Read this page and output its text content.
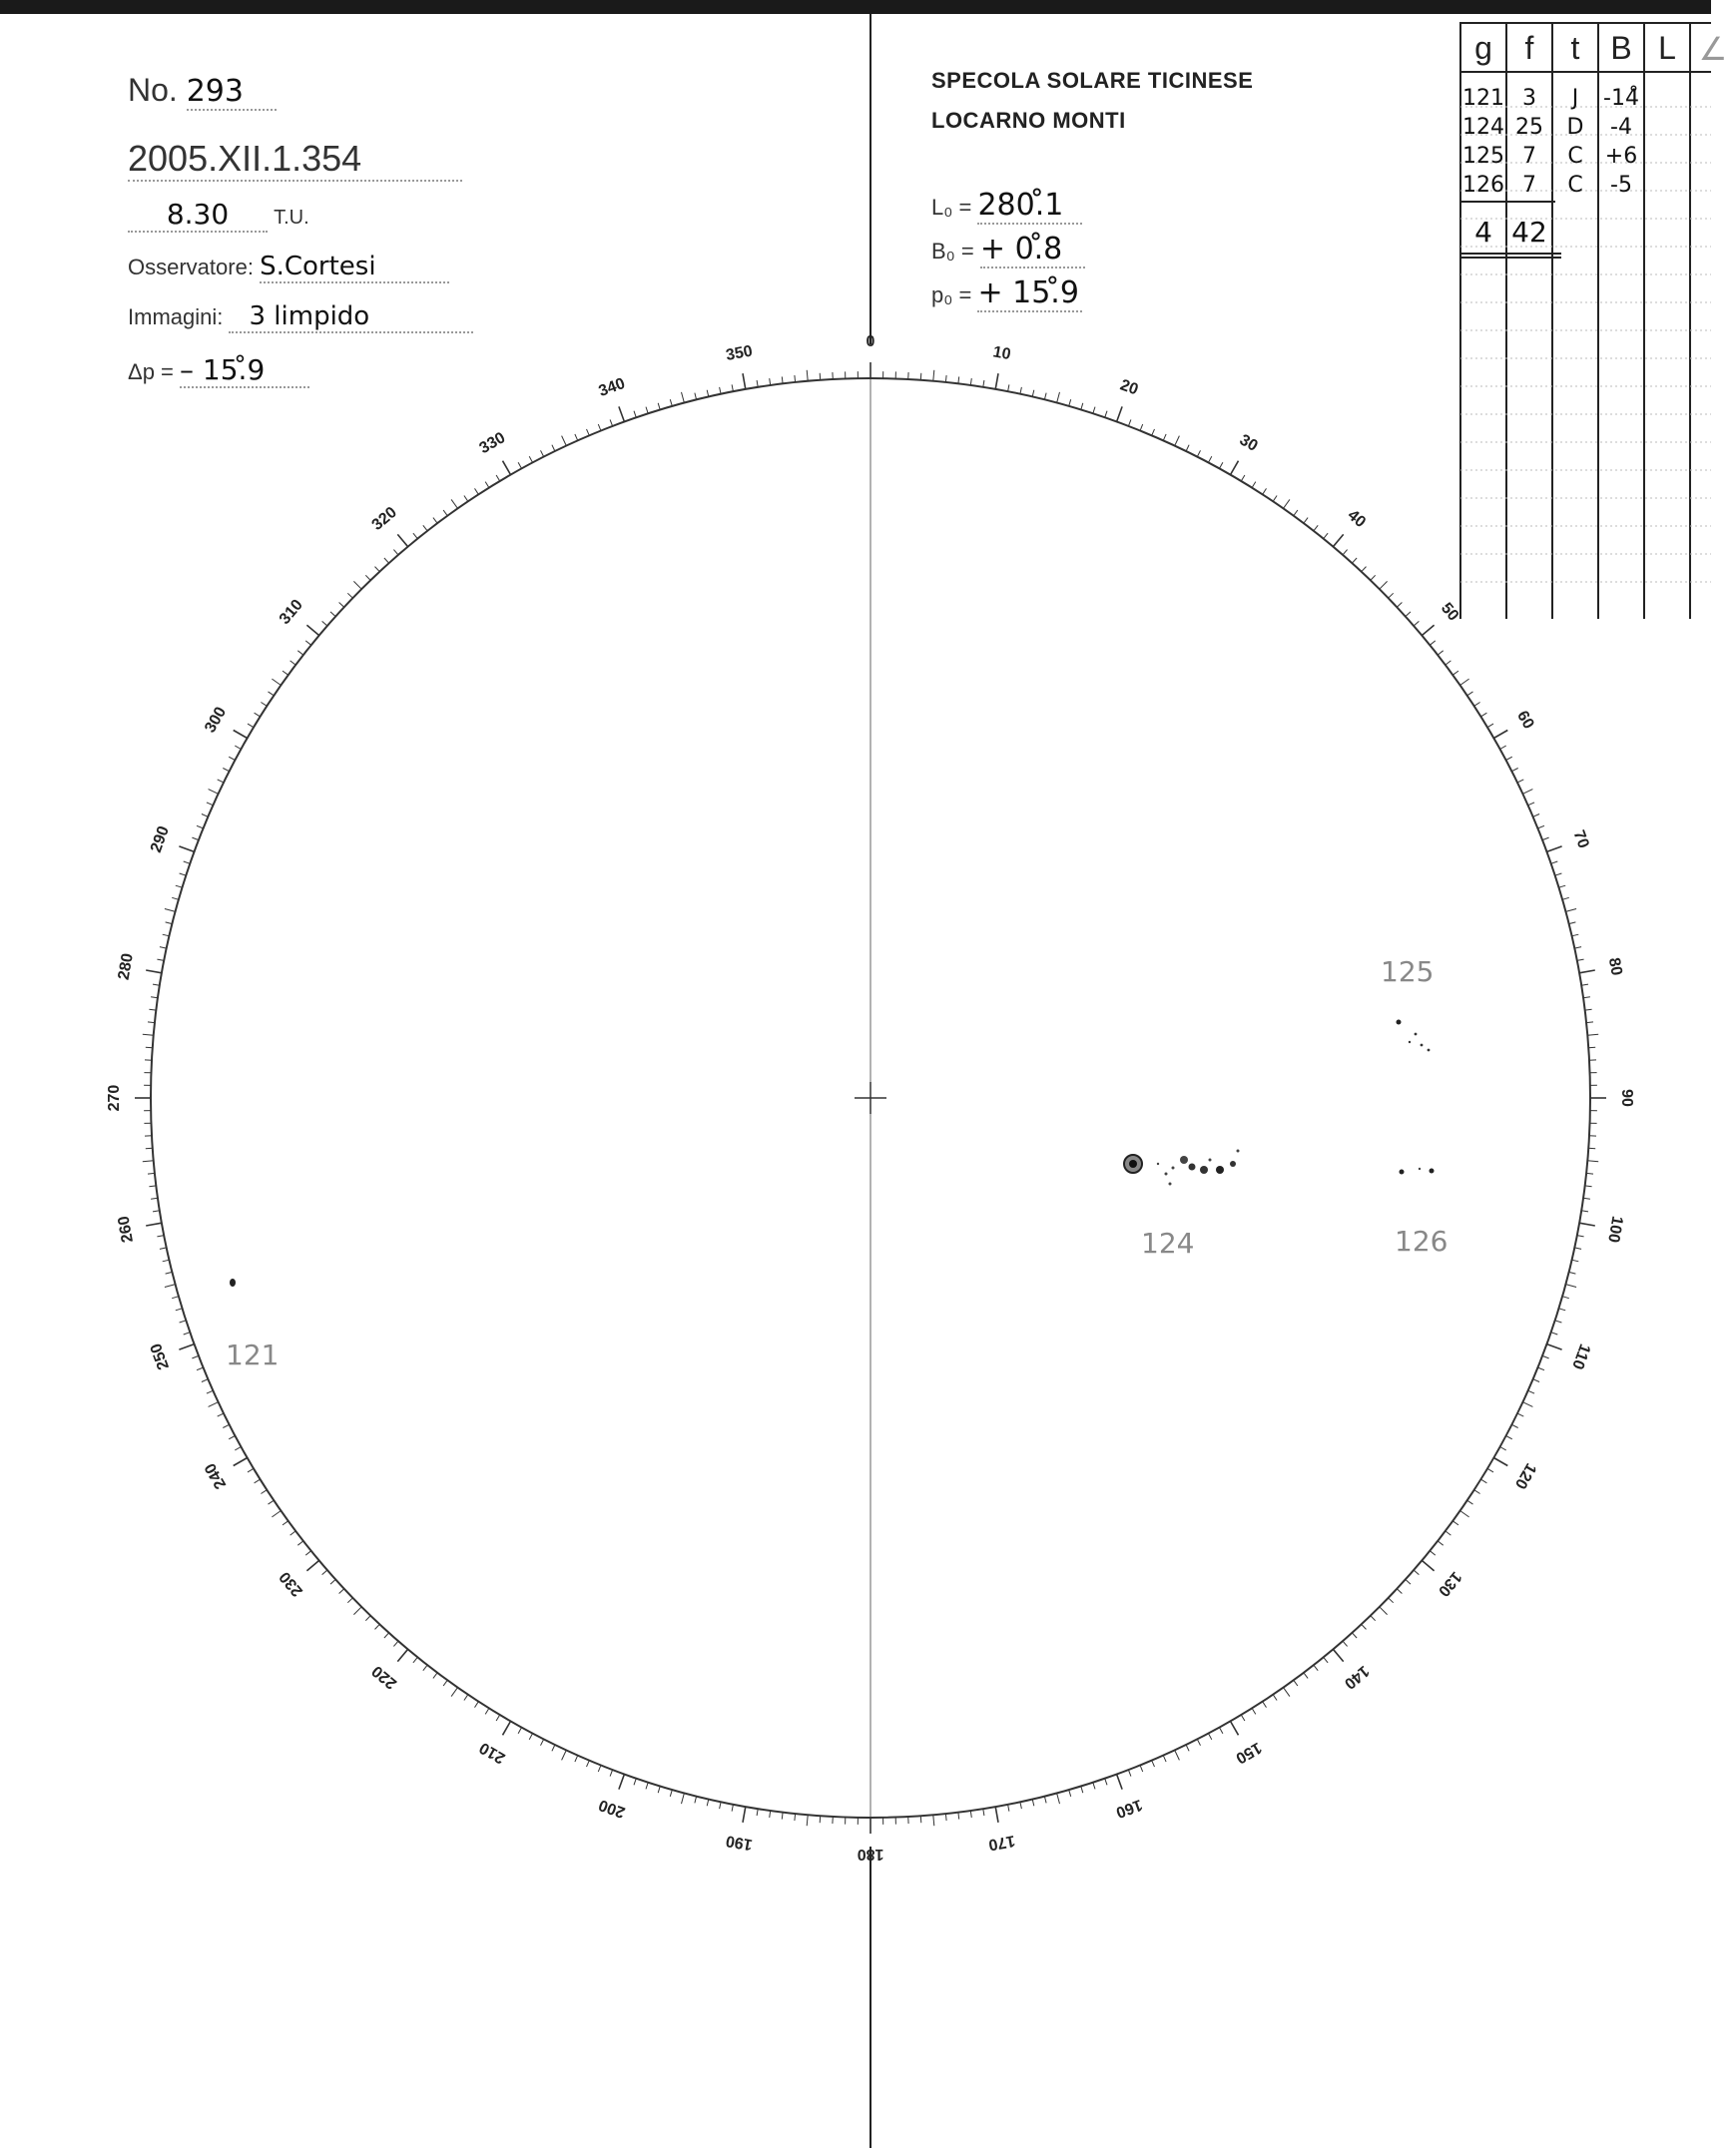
No. 293
2005.XII.1.354
8.30 T.U.
Osservatore: S.Cortesi
Immagini: 3 limpido
Δp = – 15.̊9
SPECOLA SOLARE TICINESE
LOCARNO MONTI
L₀ = 280.̊1
B₀ = + 0.̊8
p₀ = + 15.̊9
g	f	t B L ∠
121 3	J	-14̊
124 25	D	-4
125 7	C	+6
126 7	C	-5
4 42
0
10
20
30
40
50
60
70
80
90
100
110
120
130
140
150
160
170
180
190
200
210
220
230
240
250
260
270
280
290
300
310
320
330
340
350
121
124
125
126
